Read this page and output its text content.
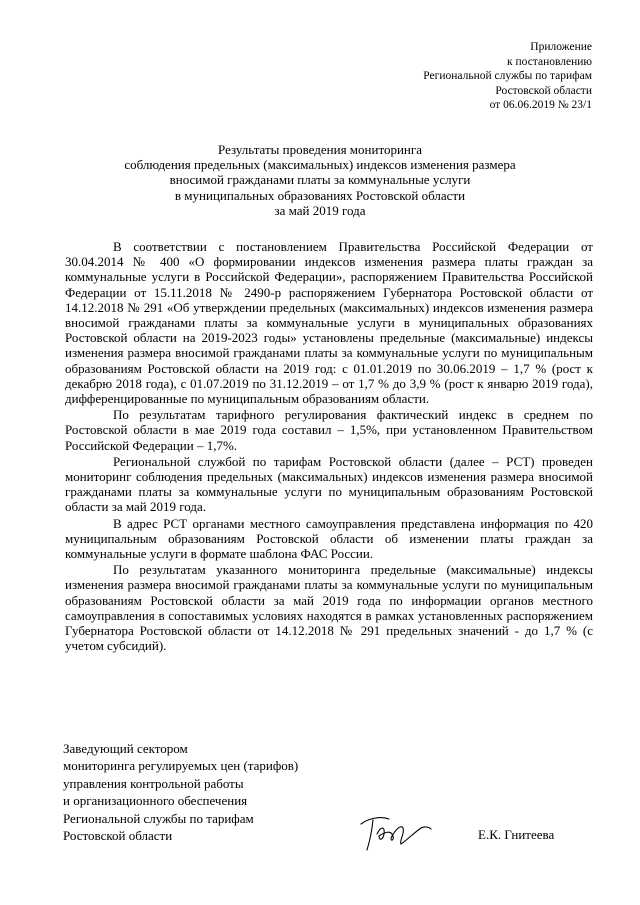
Приложение
к постановлению
Региональной службы по тарифам
Ростовской области
от 06.06.2019 № 23/1
Результаты проведения мониторинга
соблюдения предельных (максимальных) индексов изменения размера
вносимой гражданами платы за коммунальные услуги
в муниципальных образованиях Ростовской области
за май 2019 года

В соответствии с постановлением Правительства Российской Федерации от 30.04.2014 № 400 «О формировании индексов изменения размера платы граждан за коммунальные услуги в Российской Федерации», распоряжением Правительства Российской Федерации от 15.11.2018 № 2490-р распоряжением Губернатора Ростовской области от 14.12.2018 № 291 «Об утверждении предельных (максимальных) индексов изменения размера вносимой гражданами платы за коммунальные услуги в муниципальных образованиях Ростовской области на 2019-2023 годы» установлены предельные (максимальные) индексы изменения размера вносимой гражданами платы за коммунальные услуги по муниципальным образованиям Ростовской области на 2019 год: с 01.01.2019 по 30.06.2019 – 1,7 % (рост к декабрю 2018 года), с 01.07.2019 по 31.12.2019 – от 1,7 % до 3,9 % (рост к январю 2019 года), дифференцированные по муниципальным образованиям области.

По результатам тарифного регулирования фактический индекс в среднем по Ростовской области в мае 2019 года составил – 1,5%, при установленном Правительством Российской Федерации – 1,7%.

Региональной службой по тарифам Ростовской области (далее – РСТ) проведен мониторинг соблюдения предельных (максимальных) индексов изменения размера вносимой гражданами платы за коммунальные услуги по муниципальным образованиям Ростовской области за май 2019 года.

В адрес РСТ органами местного самоуправления представлена информация по 420 муниципальным образованиям Ростовской области об изменении платы граждан за коммунальные услуги в формате шаблона ФАС России.

По результатам указанного мониторинга предельные (максимальные) индексы изменения размера вносимой гражданами платы за коммунальные услуги по муниципальным образованиям Ростовской области за май 2019 года по информации органов местного самоуправления в сопоставимых условиях находятся в рамках установленных распоряжением Губернатора Ростовской области от 14.12.2018 № 291 предельных значений - до 1,7 % (с учетом субсидий).

Заведующий сектором
мониторинга регулируемых цен (тарифов)
управления контрольной работы
и организационного обеспечения
Региональной службы по тарифам
Ростовской области	Е.К. Гнитеева
